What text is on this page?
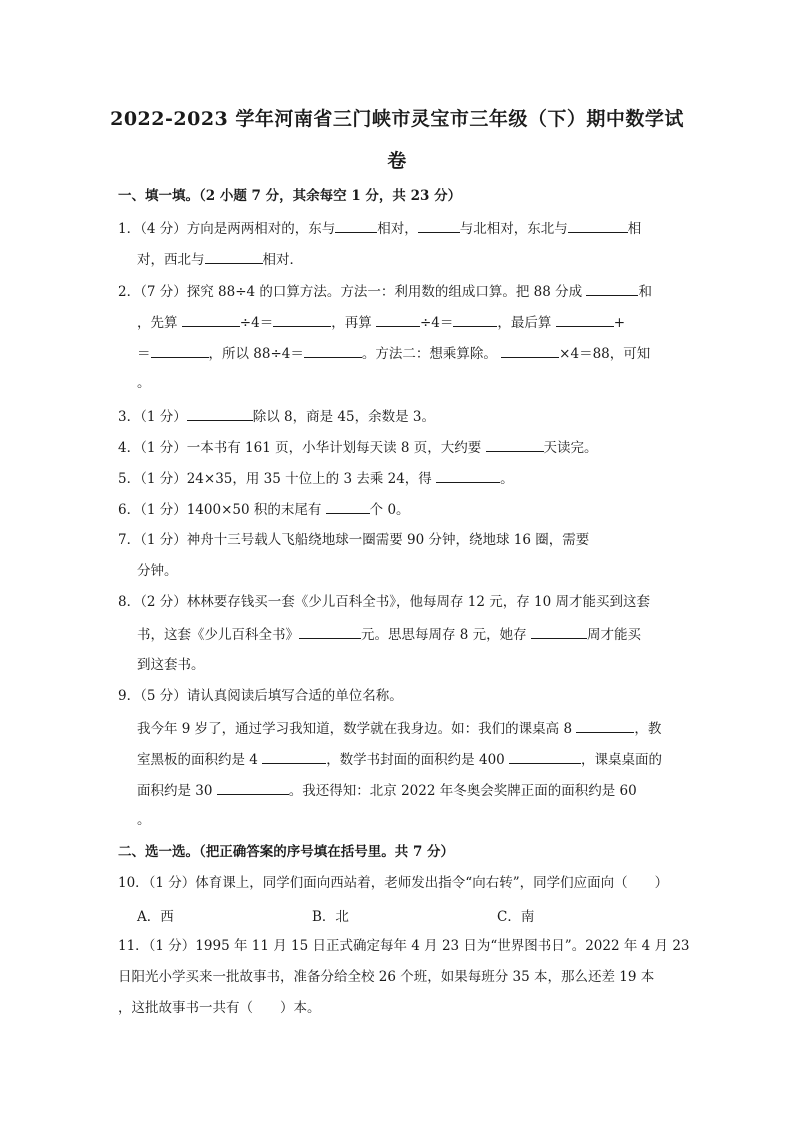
2022-2023 学年河南省三门峡市灵宝市三年级（下）期中数学试
卷
一、填一填。（2 小题 7 分，其余每空 1 分，共 23 分）
1．（4 分）方向是两两相对的，东与	相对，	与北相对，东北与	相
对，西北与	相对．
2．（7 分）探究 88÷4 的口算方法。方法一：利用数的组成口算。把 88 分成	和
，先算	÷4＝	，再算	÷4＝	，最后算	+
＝	，所以 88÷4＝	。方法二：想乘算除。	×4＝88，可知
。
3．（1 分）	除以 8，商是 45，余数是 3。
4．（1 分）一本书有 161 页，小华计划每天读 8 页，大约要	天读完。
5．（1 分）24×35，用 35 十位上的 3 去乘 24，得	。
6．（1 分）1400×50 积的末尾有	个 0。
7．（1 分）神舟十三号载人飞船绕地球一圈需要 90 分钟，绕地球 16 圈，需要
分钟。
8．（2 分）林林要存钱买一套《少儿百科全书》，他每周存 12 元，存 10 周才能买到这套
书，这套《少儿百科全书》	元。思思每周存 8 元，她存	周才能买
到这套书。
9．（5 分）请认真阅读后填写合适的单位名称。
我今年 9 岁了，通过学习我知道，数学就在我身边。如：我们的课桌高 8	，教
室黑板的面积约是 4	，数学书封面的面积约是 400	，课桌桌面的
面积约是 30	。我还得知：北京 2022 年冬奥会奖牌正面的面积约是 60
。
二、选一选。（把正确答案的序号填在括号里。共 7 分）
10．（1 分）体育课上，同学们面向西站着，老师发出指令“向右转”，同学们应面向（　　）
A．西	B．北	C．南
11．（1 分）1995 年 11 月 15 日正式确定每年 4 月 23 日为“世界图书日”。2022 年 4 月 23
日阳光小学买来一批故事书，准备分给全校 26 个班，如果每班分 35 本，那么还差 19 本
，这批故事书一共有（　　）本。
